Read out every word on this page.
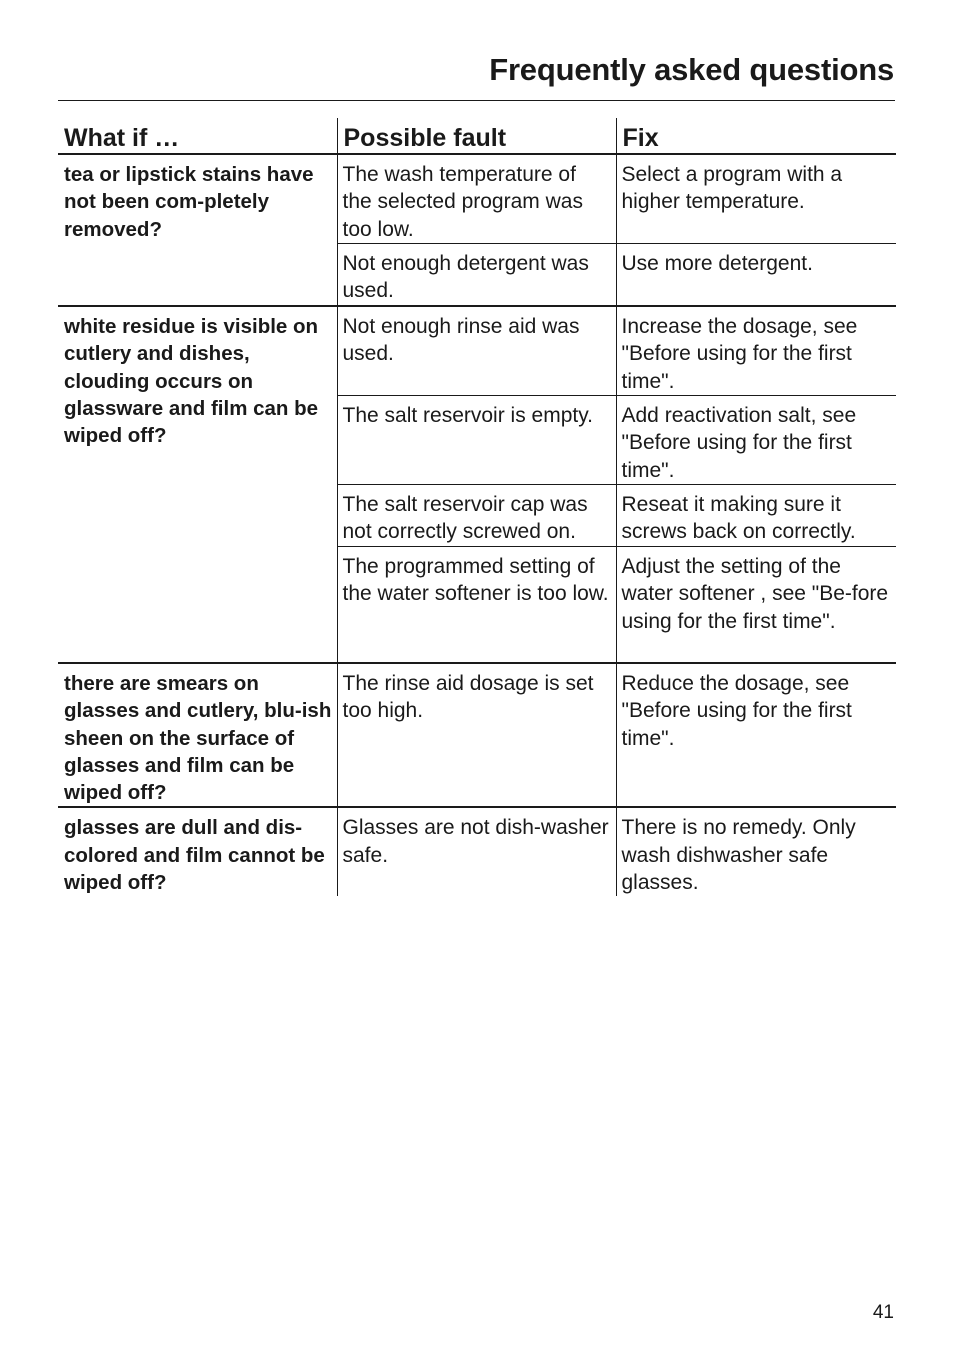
Frequently asked questions
What if …	Possible fault	Fix
tea or lipstick stains have not been com-pletely removed?	The wash temperature of the selected program was too low.	Select a program with a higher temperature.
	Not enough detergent was used.	Use more detergent.
white residue is visible on cutlery and dishes, clouding occurs on glassware and film can be wiped off?	Not enough rinse aid was used.	Increase the dosage, see "Before using for the first time".
	The salt reservoir is empty.	Add reactivation salt, see "Before using for the first time".
	The salt reservoir cap was not correctly screwed on.	Reseat it making sure it screws back on correctly.
	The programmed setting of the water softener is too low.	Adjust the setting of the water softener , see "Be-fore using for the first time".
there are smears on glasses and cutlery, blu-ish sheen on the surface of glasses and film can be wiped off?	The rinse aid dosage is set too high.	Reduce the dosage, see "Before using for the first time".
glasses are dull and dis-colored and film cannot be wiped off?	Glasses are not dish-washer safe.	There is no remedy. Only wash dishwasher safe glasses.
41
